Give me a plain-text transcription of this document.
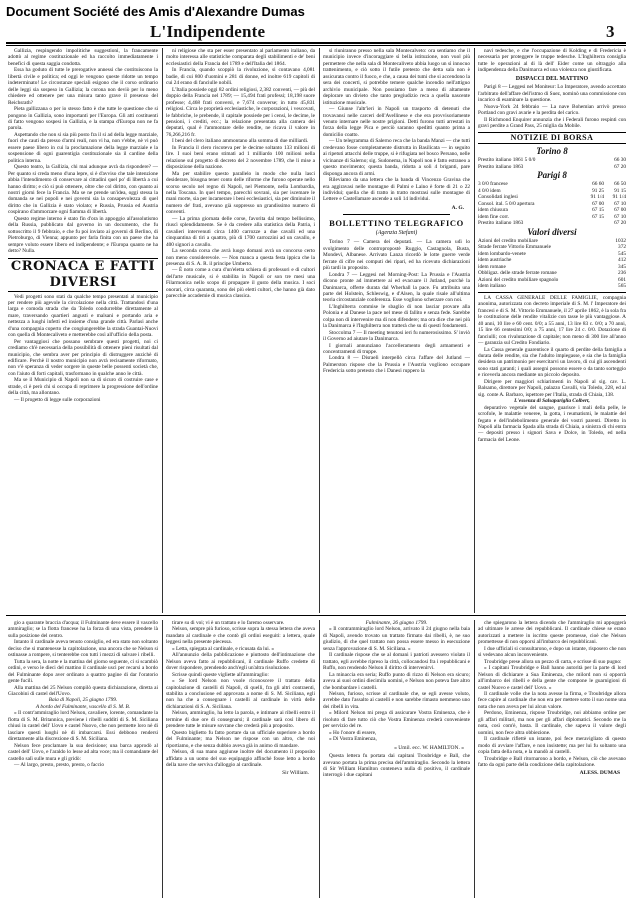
Document Société des Amis d'Alexandre Dumas
L'Indipendente	3

Gallizia, respingendo impolitiche suggestioni, la francamente adottò al regime costituzionale ed ha raccolto immediatamente i benefici di questa saggia condotta.

Essa ha goduto di tutte le prerogative annessi che costituiscono la libertà civile e politica; ed oggi le vengono queste ridotte un tempo indeterminato! Le circostanze speciali esigono che il corso ordinario delle leggi sia sospeso in Gallizia; la corona non deviò per lo meno chiedere ed ottenere per una misura tanto grave il presenso del Reichsrath?

Pieta gallizzana o per io stesso fatto è che tutte le questione che si pongono in Gallizia, sono importanti per l'Europa. Gli atti costituenti di fatto vengono sospesi in Gallizia, e la stampa d'Europa non ne fa parola.

Aspettando che non si sia più posto fra il si ad della legge marziale, fuori che cauti da presso d'armi reali, non vi ha, non v'ebbe, nè vi può essere paese libero in cui la proclamazione della legge marziale e la sospensione di ogni guarentigia costituzionale sia il cardine della politica interna.

Questo teatro, la Gallizia, chi mai adunque avrà da rispondere? — Per quanto si creda meno d'una lepre, si è d'avviso che tale intenzione abbia l'intendimento di conservare ai cittadini quel po' di libertà a cui hanno diritto; e ciò si può ottenere, oltre che col diritto, con quanto ai nostri giorni fece la Francia. Ma se ne prende un'idea, oggi stessa la domanda se nei popoli e nei governi sia la consapevolezza di quel diritto che in Gallizia è stato violato; e Russia, Prussia ed Austria cospirano d'ammorzare ogni fiamma di libertà.

Questo regime interno è stato fin d'ora in appoggio all'assolutismo della Russia, pubblicato dal governo in un documento, che fu sottoscritto il 9 febbraio, e che fu poi inviato ai governi di Berlino, di Pietroburgo, di Vienna; appunto per farla finita con un paese che ha sempre voluto essere libero ed indipendente; e l'Europa quanto ne ha detto? Nulla.

CRONACA E FATTI DIVERSI

Vedi progetti sono stati da qualche tempo presentati al municipio per rendere più agevole la circolazione nella città. Trattandosi d'una larga e comoda strada che da Toledo condurrebbe direttamente al mare, traversando quartieri angusti e malsani e portando aria e nettezza a luoghi infetti ed insieme d'una grande città. Parlasi anche d'una compagnia coperto che congiungerebbe la strada Guantai-Nuovi con quella di Montecaliveto e metterebbe così all'ufficio della posta.

Per vantaggiosi che possano sembrare questi progetti, noi ci crediamo ch'è necessaria della possibilità di ottenere pieni risultati dal municipio, che sembra aver per principio di distruggere anzichè di edificare. Perchè il nostro municipio non avrà recisamente riformato, non v'è speranza di veder sorgere in queste belle possenti società che, con l'aiuto di forti capitali, trasformano in qualche anno le città.

Ma se il Municipio di Napoli non sa di sicuro di costruire case e strade, ci è però chi si occupa di reprimere la progressione dell'ordine della città, ma allontano.

— Il progetto di legge sulle corporazioni

ni religiose che sta per esser presentato al parlamento italiano, da molto interessa alle statistiche comparata degli stabilimenti e de' beni ecclesiastici della Francia del 1789 e dell'Italia del 1864.

In Francia, quando scoppiò la rivoluzione, si contavano 4,081 badie, di cui 800 d'uomini e 281 di donne, ed inoltre 619 capitoli di cui 24 erano di fanciulle nobili.

L'Italia possiede oggi 82 ordini religiosi, 2,382 conventi, — più del doppio della Francia nel 1789; — 15,494 frati professi; 18,198 suore professe; 4,468 frati conversi, e 7,674 converse; in tutto 45,831 religiosi. Circa le proprietà ecclesiastiche, le corporazioni, i vescovati, le fabbriche, le prebende, il capitale possiede per i censi, le decime, le pensioni, i crediti, ecc.; la relazione presentata alla camera dei deputati, qual è l'ammontare delle rendite, ne ricava il valore in 76,266,216 fr.

I beni del clero italiano ammontano alla somma di due milliardi.

In Francia il clero riscoteva per le decime soltanto 133 milioni di lire. I suoi beni erano stimati ad 1 milliardo 100 milioni nella relazione sul progetto di decreto del 2 novembre 1789, che li mise a disposizione della nazione.

Ma per stabilire questo parallelo in modo che nulla lasci desiderare, bisogna tener conto delle riforme che furono operate nello scorso secolo nel regno di Napoli, nel Piemonte, nella Lombardia, nella Toscana. In quel tempo, parecchi sovrani, sia per iscemare le mani morte, sia per incamerare i beni ecclesiastici, sia per diminuire il numero de' frati, avevano già soppresso un grandissimo numero di conventi.

— La prima giornata delle corse, favorita dal tempo bellissimo, riuscì splendidamente. Se è da credere alla statistica della Patria, i cavalieri intervenuti circa 1400 carrozze a due cavalli ed una cinquantina di tiri a quattro, più di 1700 carrozzini ad un cavallo, e 400 signori a cavallo.

La seconda corsa che avrà luogo domani avrà un concorso certo non meno considerevole. — Non manca a questa festa ippica che la presenza di S. A. R. il principe Umberto.

— È noto come a cura d'un'eletta schiera di professori e di cultori dell'arte musicale, si è stabilita in Napoli or son tre mesi una Filarmonica nello scopo di propagare il gusto della musica. I soci onorari, circa quaranta, sono dei più eletti cultori, che hanno già dato parecchie accademie di musica classica.

si riuniranno presso nella sala Montecalveto: ora sentiamo che il municipio invece d'incoraggiare sì bella istituzione, non vuol più permettere che nella sala di Montecaliveto abbia luogo un sì innocuo trattenimento, e ciò sotto il futile pretesto che detta sala non è assicurata contro il fuoco, e che, a causa dei tumi che si accendono la sera dei concerti, si potrebbe temere qualche incendio nell'attiguo archivio municipale. Non possiamo fare a meno di altamente deplorare un divieto che tanto pregiudizio reca a quella nascente istituzione musicale.

— Giunse l'altr'ieri in Napoli un trasporto di detenuti che trovavansi nelle carceri dell'Avellinese e che era provvisoriamente venuto internare nelle nostre prigioni. Detti furono tutti arrestati in forza della legge Pica e perciò saranno speditti quanto prima a domicilio coatto.

— Un telegramma di Salerno reca che la banda Manzi — che tutti credevano fosse completamente distrutta in Basilicata — in seguito ai ripetuti attacchi delle truppe, si è rifugiata nel bosco Persano, nelle vicinanze di Salerno; sig. Sudonema, in Napoli non è fatto estraneo a questo movimento; questa banda, ridotta a soli 4 briganti, pare disponga ancora di armi.

Rileviamo da una lettera che la banda di Vincenzo Gravina che era aggiravasi nelle montagne di Palmi e Laino è forte di 21 o 22 individui; quella che di tratto in tratto mostrasi sulle montagne di Lettere e Castellamare ascende a soli 14 individui.

A. G.
BOLLETTINO TELEGRAFICO
(Agenzia Stefani)

Torino 7 — Camera dei deputati. — La camera udì lo svolgimento delle contropropostė Ruggio, Castagnola, Busta, Mondevì, Albanese. Arrivato Lanza ricordò le lotte guerre verde ferrate di cifre nei computi dei ripari, ed ha ricevuto dichiarazioni più tardi in proposito.

Londra 7 — Leggesi nel Morning-Post: La Prussia e l'Austria dicono pronte ad immettere ai ed evacuare il Jutland, purchè la Danimarca, offerte durata dal Wherhall la pace. Fu attribuita una parte del Holstein, Schleswig, e d'Alsen, la quale risale all'ultima teoria circostanziale conferenza. Esse vogliono scherzare con noi.

L'Inghilterra commise le sbaglio di non lasciar provare alla Polonia e al Danese la pace nel mese di fallito e senza fede. Sarebbe colpa non di intervenire ma di non difendere; ma ora dice che nei più la Danimarca è l'Inghilterra non tratterà che su di questi fondamenti.

Stoccolma 7 — Il meeting tenutosi ieri fu numerosissimo. S' inviò il Governo ad aiutare la Danimarca.

I giornali annunziano l'accelleramento degli armamenti e concentramenti di truppe.

Londra 8 — Disraeli interpellò circa l'affare del Jutland — Palmerston rispose che la Prussia e l'Austria vogliono occupare Fredericia sotto pretesto che i Danesi ruppero la

navi tedesche, e che l'occupazione di Kolding e di Fredericia è necessaria per proteggere le truppe tedesche. L'Inghilterra consiglia tutte le operazioni al di là dell' Eider come un oltraggio alla indipendenza della Danimarca ed una violenza non giustificata.

DISPACCI DEL MATTINO

Parigi 8 — Leggesi nel Moniteur: Lo Imperatore, avendo accettato l'arbitrato dell'affare dell'istmo di Suez, nominò una commissione con incarico di esaminare la questione.

Nuova-York 24 febbraio — La nave Bohemian arrivò presso Portland con gravi avarie e la perdita del carico.

Il Richmond Enquirer annunzia che i Federali furono respinti con gravi perdite a Grand Pass, 25 miglia da Mobile.

NOTIZIE DI BORSA
Torino 8
Prestito italiano 1861 5 0/0	66 30
Prestito italiano 1863	67 20
Parigi 8
3 0/0 francese	66 60	66 50
4 0/0 idem	91 25	91 15
Consolidati inglesi	91 1/4	91 1/4
Consol. ital. 5 0/0 apertura	67 00	67 10
idem chiusura	67 15	67 00
idem fine corr.	67 15	67 10
Prestito italiano 1863	67 20
Valori diversi
Azioni del credito mobiliare	1032
Strade ferrate Vittorio Emmanuele	372
idem lombardo-venete	545
idem austriache	412
idem romane	345
Obbligaz. delle strade ferrate romane	236
Azioni del credito mobiliare spagnolo	601
idem italiano	565

LA CASSA GENERALE DELLE FAMIGLIE, compagnia anonima, autorizzata con decreto imperiale di S. M. l' Imperatore dei francesi e di S. M. Vittorio Emmanuele, il 27 aprile 1862, è la sola fra le costituzione delle rendite vitalizie con tasse le più vantaggiose. A 40 anni, 10 lire e 60 cent. 0/0; a 55 anni, 13 lire 83 c. 0/0; a 70 anni, 15 lire 66 centesimi 0/0; a 75 anni, 17 lire 24 c. 0/0. Dotazione di fanciulli; con rivalutazione di capitale; non meno di 300 lire all'anno — garanzia sul Credito Fondiario.

La Cassa generale guarentisce il quarto di perdite della famiglia a durata delle rendite, sia che l'adulto impiegasse, e sia che la famiglia desidera un patrimonio per esercitarvi un lavoro, di cui gli ascendenti sono stati garanti; i quali assegni possono essere o da tanto sorteggio e riceverla ancora mediante un piccolo deposito.

Dirigere per maggiori schiarimenti in Napoli al sig. cav. L. Balsamo, direttore per Napoli, palazzo Cavalli, via Toledo, 228, ed al sig. conte A. Barbaro, ispettore per l'Italia, strada di Chiaia, 138.

L'essenza di Salsapariglia Colbert,

depurativo vegetale del sangue, guarisce i mali della pelle, le scrofole, le malattie veneree, la gotta, i reumatismi, le malattie del fegato e dell'indebolimento generale dei vostri parenti. Diretto in Napoli alla farmacia Spada alla strada di Chiaia, a sinistra di chi entra — depositi presso i signori Sava e Dolce, in Toledo, ed nella farmacia del Leone.

gio a quarante braccia d'acqua; il Fulminante deve essere il vascello ammiraglio; se la flotta francese ha la forza di una vista, prendete là sulla posizione del centro.

Intanto il cardinale aveva tenuto consiglio, ed era stato non soltanto deciso che si mantenesse la capitolazione, una ancora che se Nelson si ostinasse a rompere, si tenterebbe con tutti i mezzi di salvare i ribelli.

Tutta la sera, la notte e la mattina del giorno seguente, ci si scambiò ordini, e verso le dieci del mattino il cardinale usci per recarsi a bordo del Fulminante dopo aver ordinato a quattro pagine di dar l'oratorio gente fucili.

Alla mattina del 25 Nelson compilò questa dichiarazione, diretta ai Giacobini di castel dell'Uovo.

Baia di Napoli, 25 giugno 1799.
A bordo del Fulminante, vascello di S. M. B.

« Il contr'ammiraglio lord Nelson, cavaliere, lorente, comandante la flotta di S. M. Britannica, previene i ribelli sudditi di S. M. Siciliana chiusi in castel dell' Uovo e castel Nuovo, che non permette loro nè di lasciare questi luoghi nè di imbarcarsi. Essi debbono rendersi direttamente alla discrezione di S. M. Siciliana.

Nelson fece proclamare la sua decisione; una barca approdò al castel dell' Uovo, e l'araldo lo lesse ad alta voce; ma il comandante del castello salì sulle mura e gli gridò:

— Al largo, presto, presto, presto, o faccio

tirare su di voi; vi è un trattato e lo faremo osservare.

Nelson, sempre più furioso, scrisse sopra la stessa lettera che aveva mandato al cardinale e che contò gli ordini eseguiti: a lettera, quale leggesi nella presente piecessa.

« Letta, spiegata al cardinale, e ricusata da lui. »

All'annunzio della pubblicazione e piuttosto dell'intimazione che Nelson aveva fatto ai repubblicani, il cardinale Ruffo credette di dover rispondere, prendendo anch'egli un'altra risoluzione.

Scrisse quindi queste vigliette all'ammiraglio:

« Se lord Nelson non vuole riconoscere il trattato della capitolazione di castelli di Napoli, di quelli, fra gli altri contraenti, stabilita a conclusione ed approvata a nome di S. M. Siciliana, egli non ha che a consegnare i castelli al cardinale in virtù delle dichiarazioni di S. A. Siciliana.

Nelson, ammiraglio, ha letto la parola, e intimare ai ribelli entro il termine di due ore di consegnarsi; il cardinale sarà così libero di prendere tutte le misure sovrane che crederà più a proposito.

Questo biglietto fu fatto portare da un ufficiale superiore a bordo del Fulminante; ma Nelson ne rispose con un altro, che noi riportiamo, e che senza dubbio aveva già in animo di mandare.

Nelson, di sua mano aggiunse inoltre del documento il proposito affidato a un uomo del suo equipaggio affinchè fosse letto a bordo della nave che serviva d'alloggio al cardinale.

Sir William.
Fulminante, 26 giugno 1799.

« Il contrammiraglio lord Nelson, arrivato il 24 giugno nella baia di Napoli, avendo trovato un trattato firmato dai ribelli, è, ne suo giudizio, di che quel trattato non possa essere messo in esecuzione senza l'approvazione di S. M. Siciliana. »

Il cardinale rispose che se al domani i patrioti avessero violato il trattato, egli avrebbe ripreso la città, collocandosi fra i repubblicani e Ruffo, non rendendo Nelson il diritto di intervenirvi.

La minaccia era seria; Ruffo punto di rizzo di Nelson era sicuro; aveva ai suoi ordini diecimila uomini, e Nelson non poteva fare altro che bombardare i castelli.

Nelson, furioso, scrisse al cardinale che, se egli avesse voluto, avrebbe dato l'assalto ai castelli e non sarebbe rimasto nemmeno uno dei ribelli in vita.

« Milord Nelson mi prega di assicurare Vostra Eminenza, che è risoluto di fare tutto ciò che Vostra Eminenza crederà conveniente per servizio del re.

« Ho l'onore di essere,

« Di Vostra Eminenza,

« Umil. ecc. W. HAMILTON. »

Questa lettera fu portata dai capitani Troubridge e Ball, che avevano portata la prima precisa dell'ammiraglio. Secondo la lettera di Sir William Hamilton conteneva nulla di positivo, il cardinale interrogò i due capitani

che spiegarono la lettera dicendo che l'ammiraglio mi appoggerà ad ultimare le arrese dei repubblicani. Il cardinale chiese se erano autorizzati a mettere in iscritto queste promesse, cioè che Nelson promettesse di non opporsi all'imbarco dei repubblicani.

I due ufficiali si consultarono, e dopo un istante, risposero che non si vedevano alcun inconveniente.

Troubridge prese allora un pezzo di carta, e scrisse di suo pugno:

« I capitani Troubridge e Ball hanno autorità per la parte di lord Nelson di dichiarare a Sua Eminenza, che milord non si opporrà all'imbarco dei ribelli e della gente che compone le guarnigioni di castel Nuovo e castel dell' Uovo. »

Il cardinale volle che la nota avesse la firma, e Troubridge allora fece capire al cardinale che non era per mettere sotto il suo nome una nota che non aveva per lui alcun valore.

Perdono, Eminenza, rispose Troubridge, noi abbiamo ordine per gli affari militari, ma non per gli affari diplomatici. Secondo me la nota, così com'è, basta. Il cardinale, che sapeva il valore degli uomini, non fece altra obbiezione.

Il cardinale riflettè un istante, poi fece meravigliato di questo modo di avviare l'affare, e non insistette; ma per lui fu soltanto una copia fatta della nota, e la mandò ai castelli.

Troubridge e Ball ritornarono a bordo, e Nelson, ciò che avevano fatto da ogni parte della condizione della capitolazione.

ALESS. DUMAS
